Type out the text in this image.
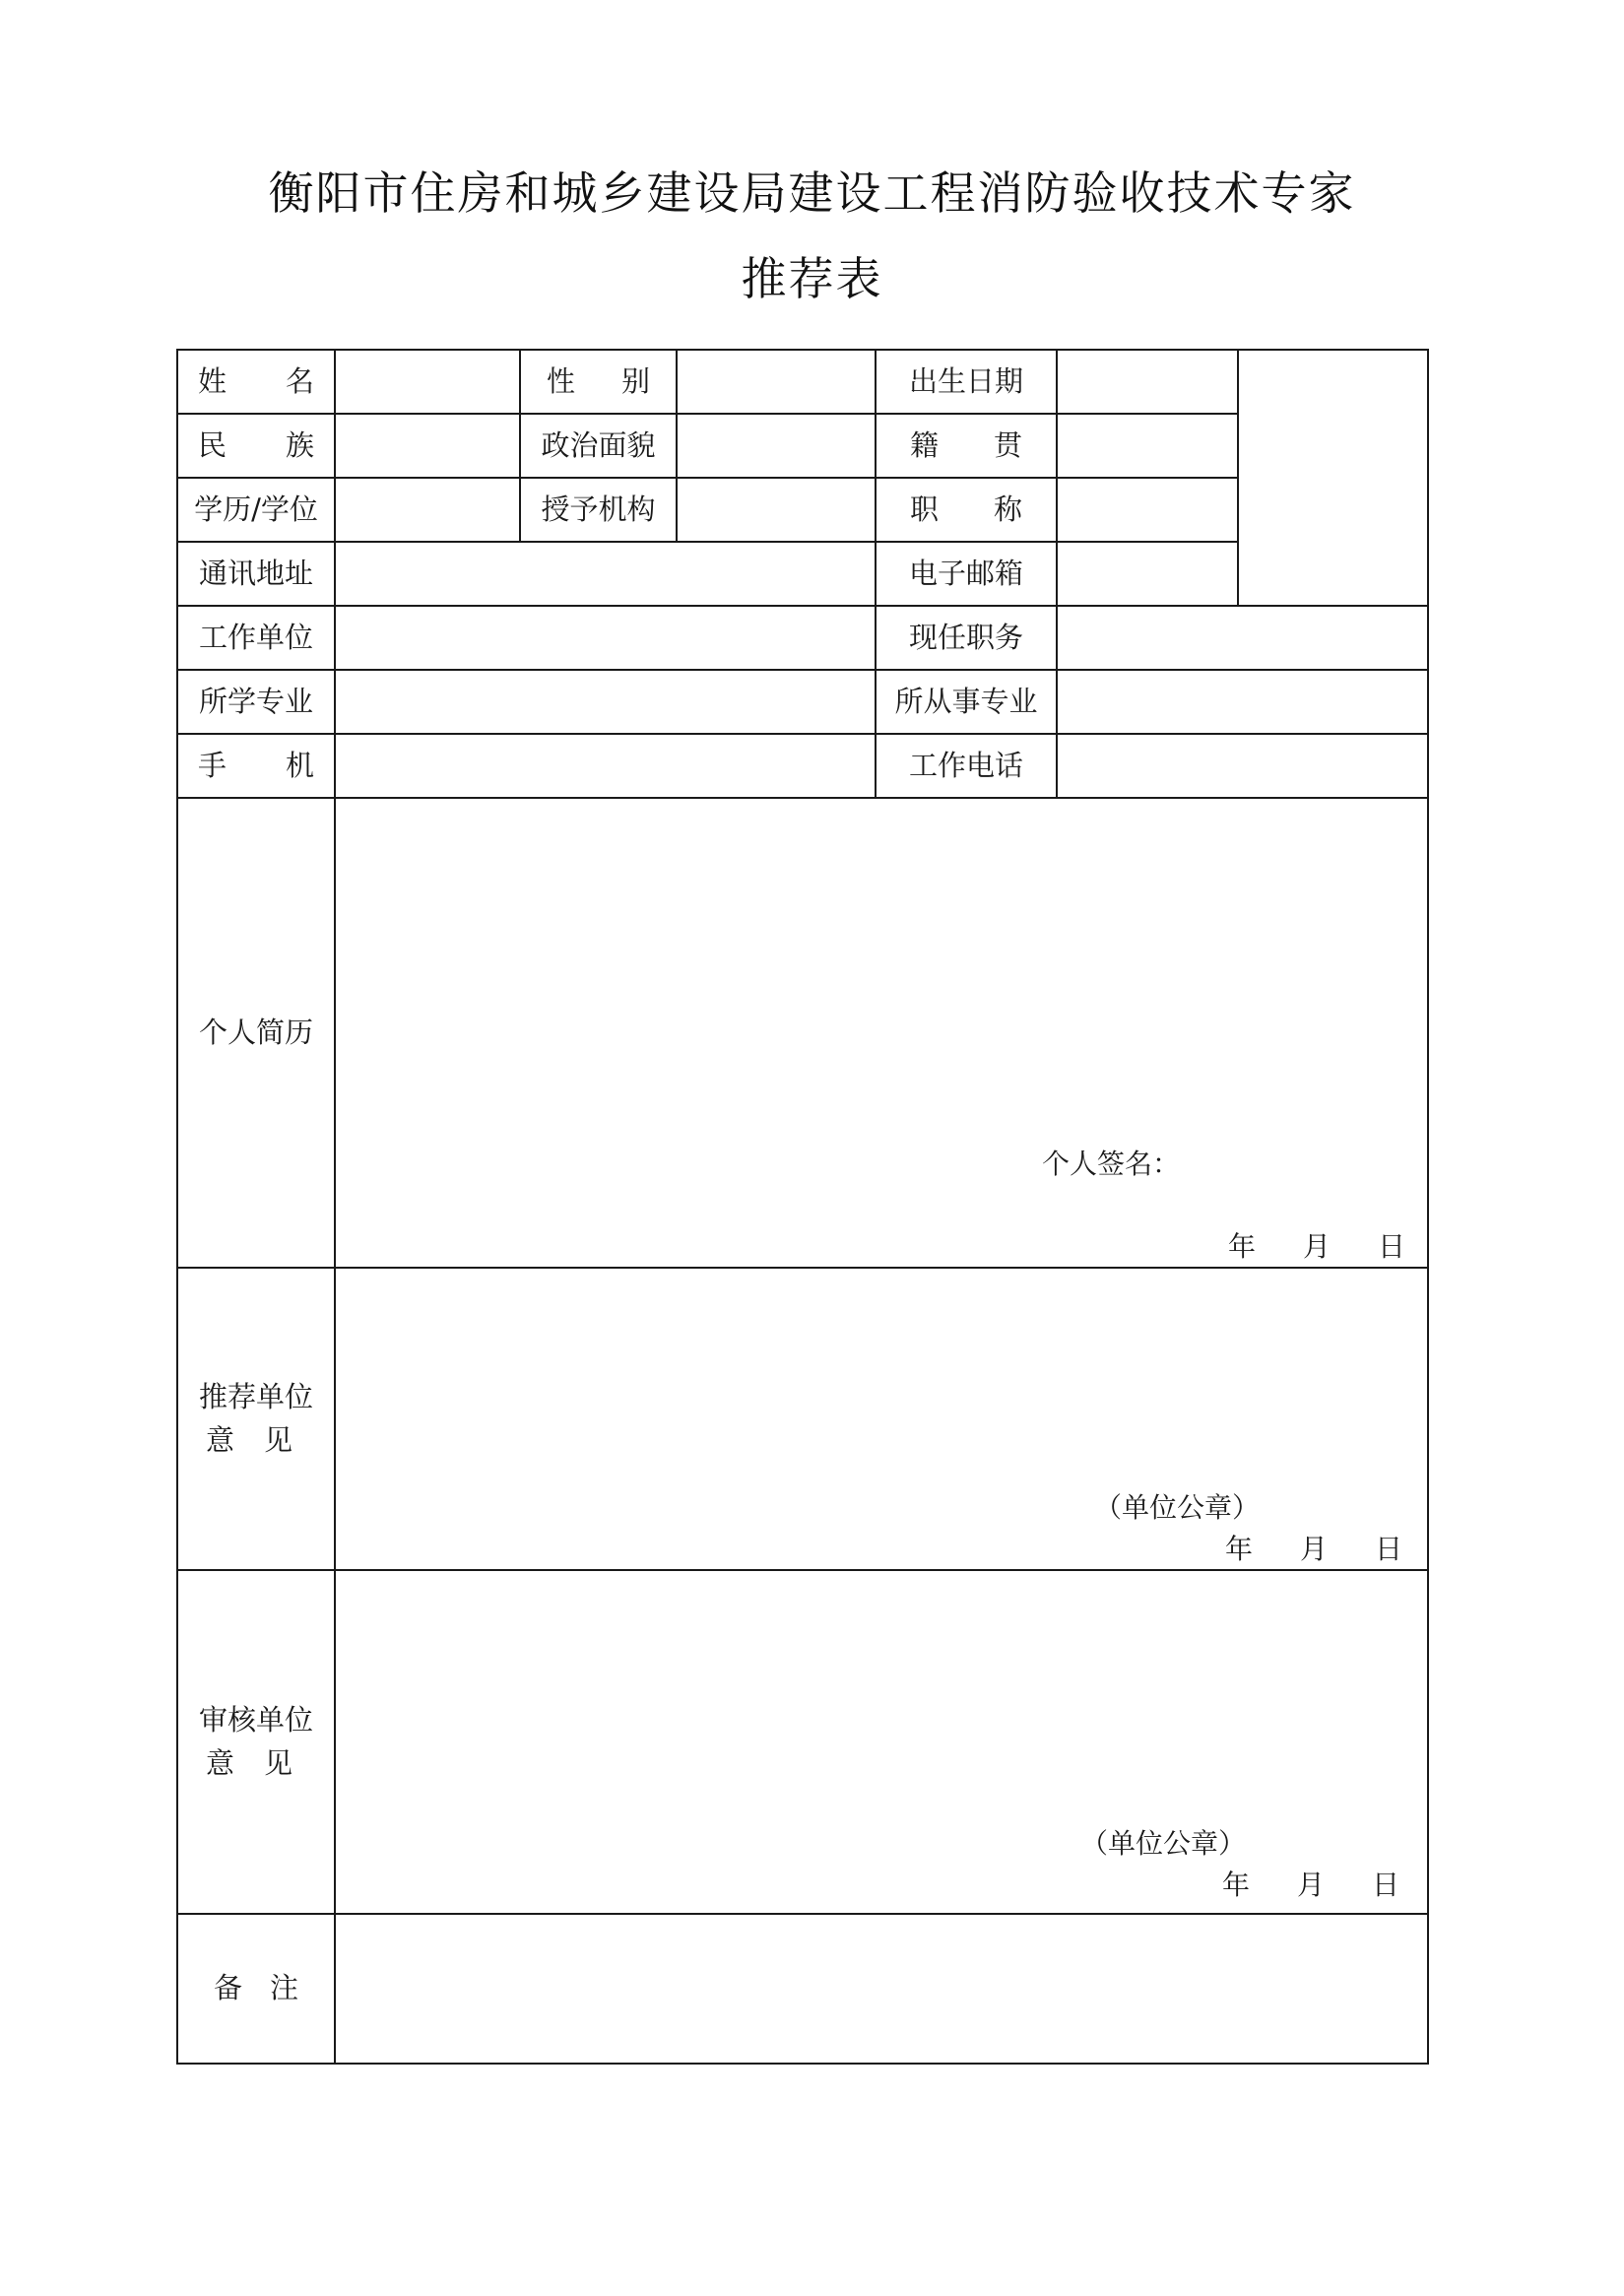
衡阳市住房和城乡建设局建设工程消防验收技术专家
推荐表
姓 名		性 别		出生日期		

民 族		政治面貌		籍 贯		

学历/学位		授予机构		职 称		

通讯地址				电子邮箱		
工作单位				现任职务		
所学专业				所从事专业		

手 机				工作电话		
个人简历	个人签名：
年 月 日					

推荐单位
意见	（单位公章）
年 月 日					

审核单位
意见	（单位公章）
年 月 日					

备 注						
